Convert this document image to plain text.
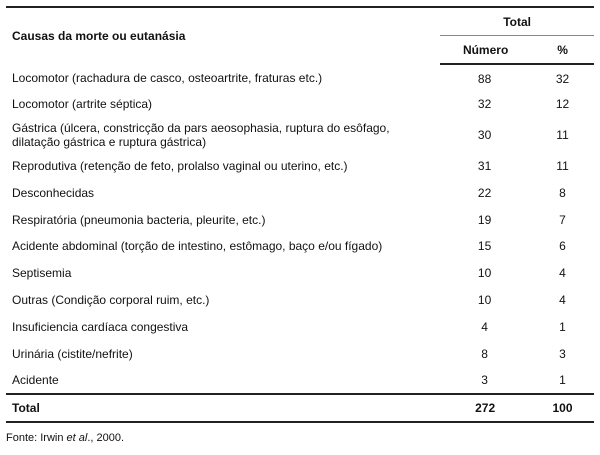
Causas da morte ou eutanásia	Total	
	Número	%
Locomotor (rachadura de casco, osteoartrite, fraturas etc.)	88	32
Locomotor (artrite séptica)	32	12
Gástrica (úlcera, constricção da pars aeosophasia, ruptura do esôfago,
dilatação gástrica e ruptura gástrica)	30	11
Reprodutiva (retenção de feto, prolalso vaginal ou uterino, etc.)	31	11
Desconhecidas	22	8
Respiratória (pneumonia bacteria, pleurite, etc.)	19	7
Acidente abdominal (torção de intestino, estômago, baço e/ou fígado)	15	6
Septisemia	10	4
Outras (Condição corporal ruim, etc.)	10	4
Insuficiencia cardíaca congestiva	4	1
Urinária (cistite/nefrite)	8	3
Acidente	3	1
Total	272	100
Fonte: Irwin et al., 2000.
